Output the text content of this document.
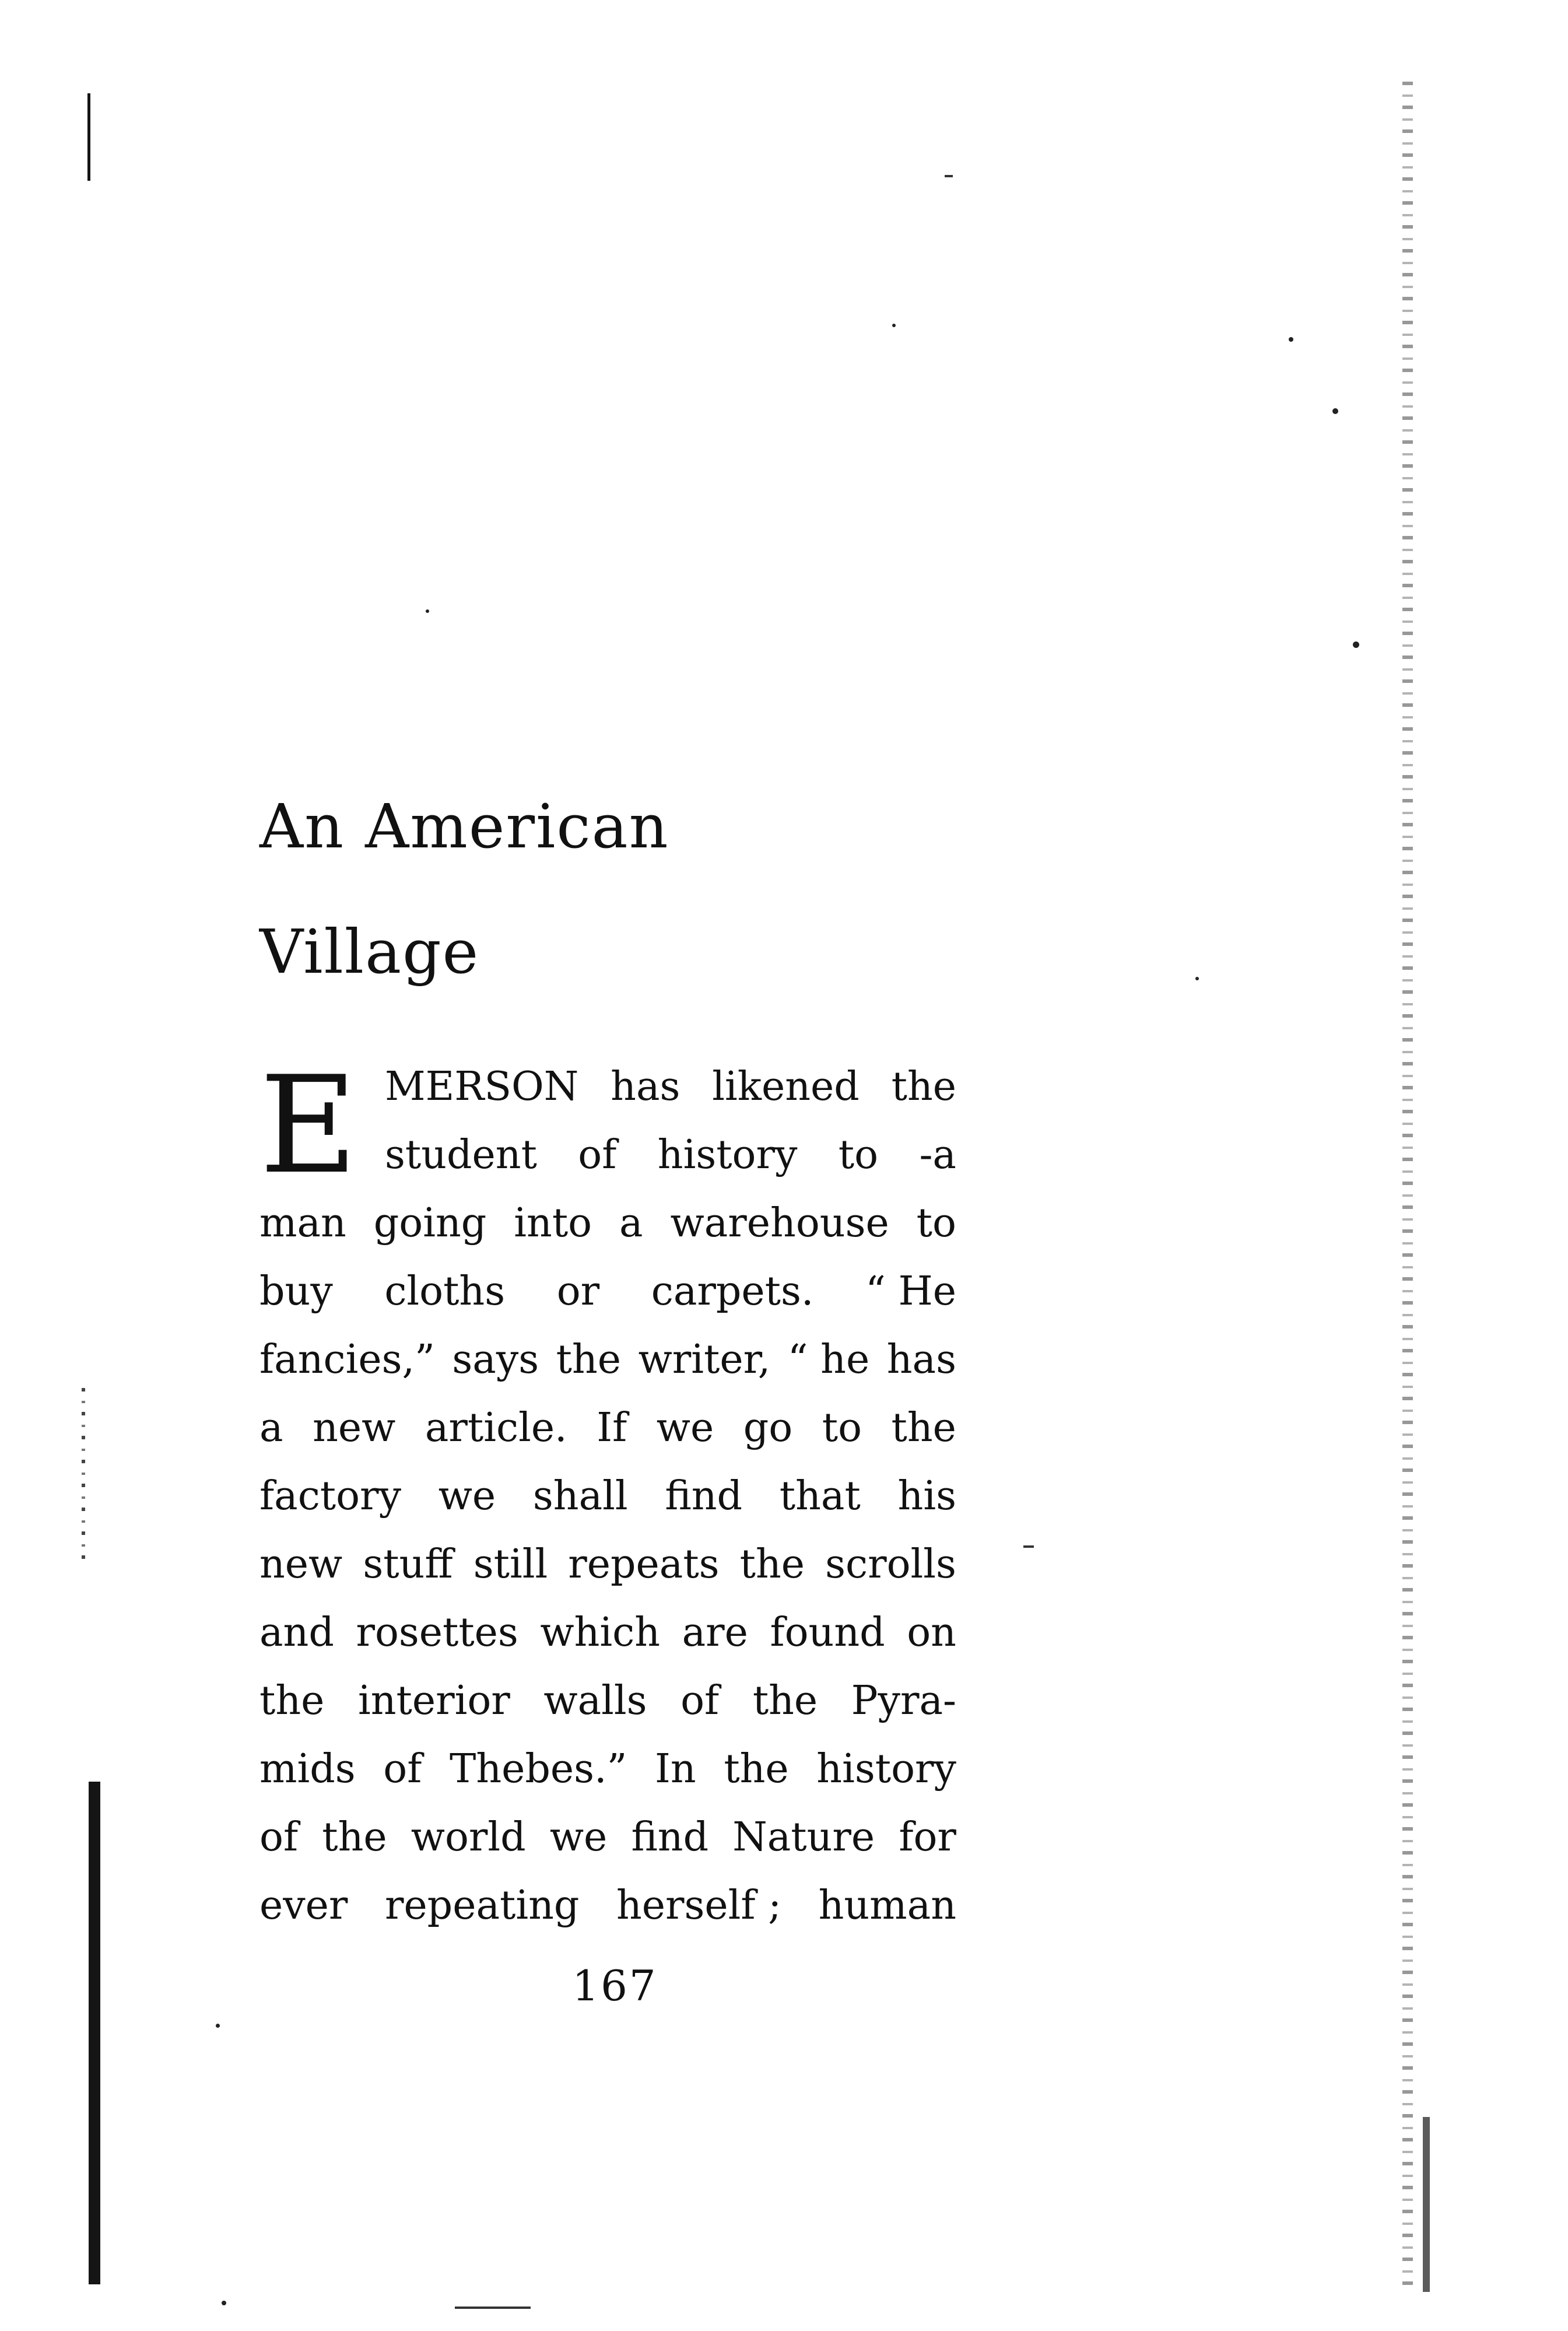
An American
Village
E MERSON has likened the
student of history to -a
man going into a warehouse to
buy cloths or carpets. “ He
fancies,” says the writer, “ he has
a new article. If we go to the
factory we shall find that his
new stuff still repeats the scrolls
and rosettes which are found on
the interior walls of the Pyra-
mids of Thebes.” In the history
of the world we find Nature for
ever repeating herself ; human
167
